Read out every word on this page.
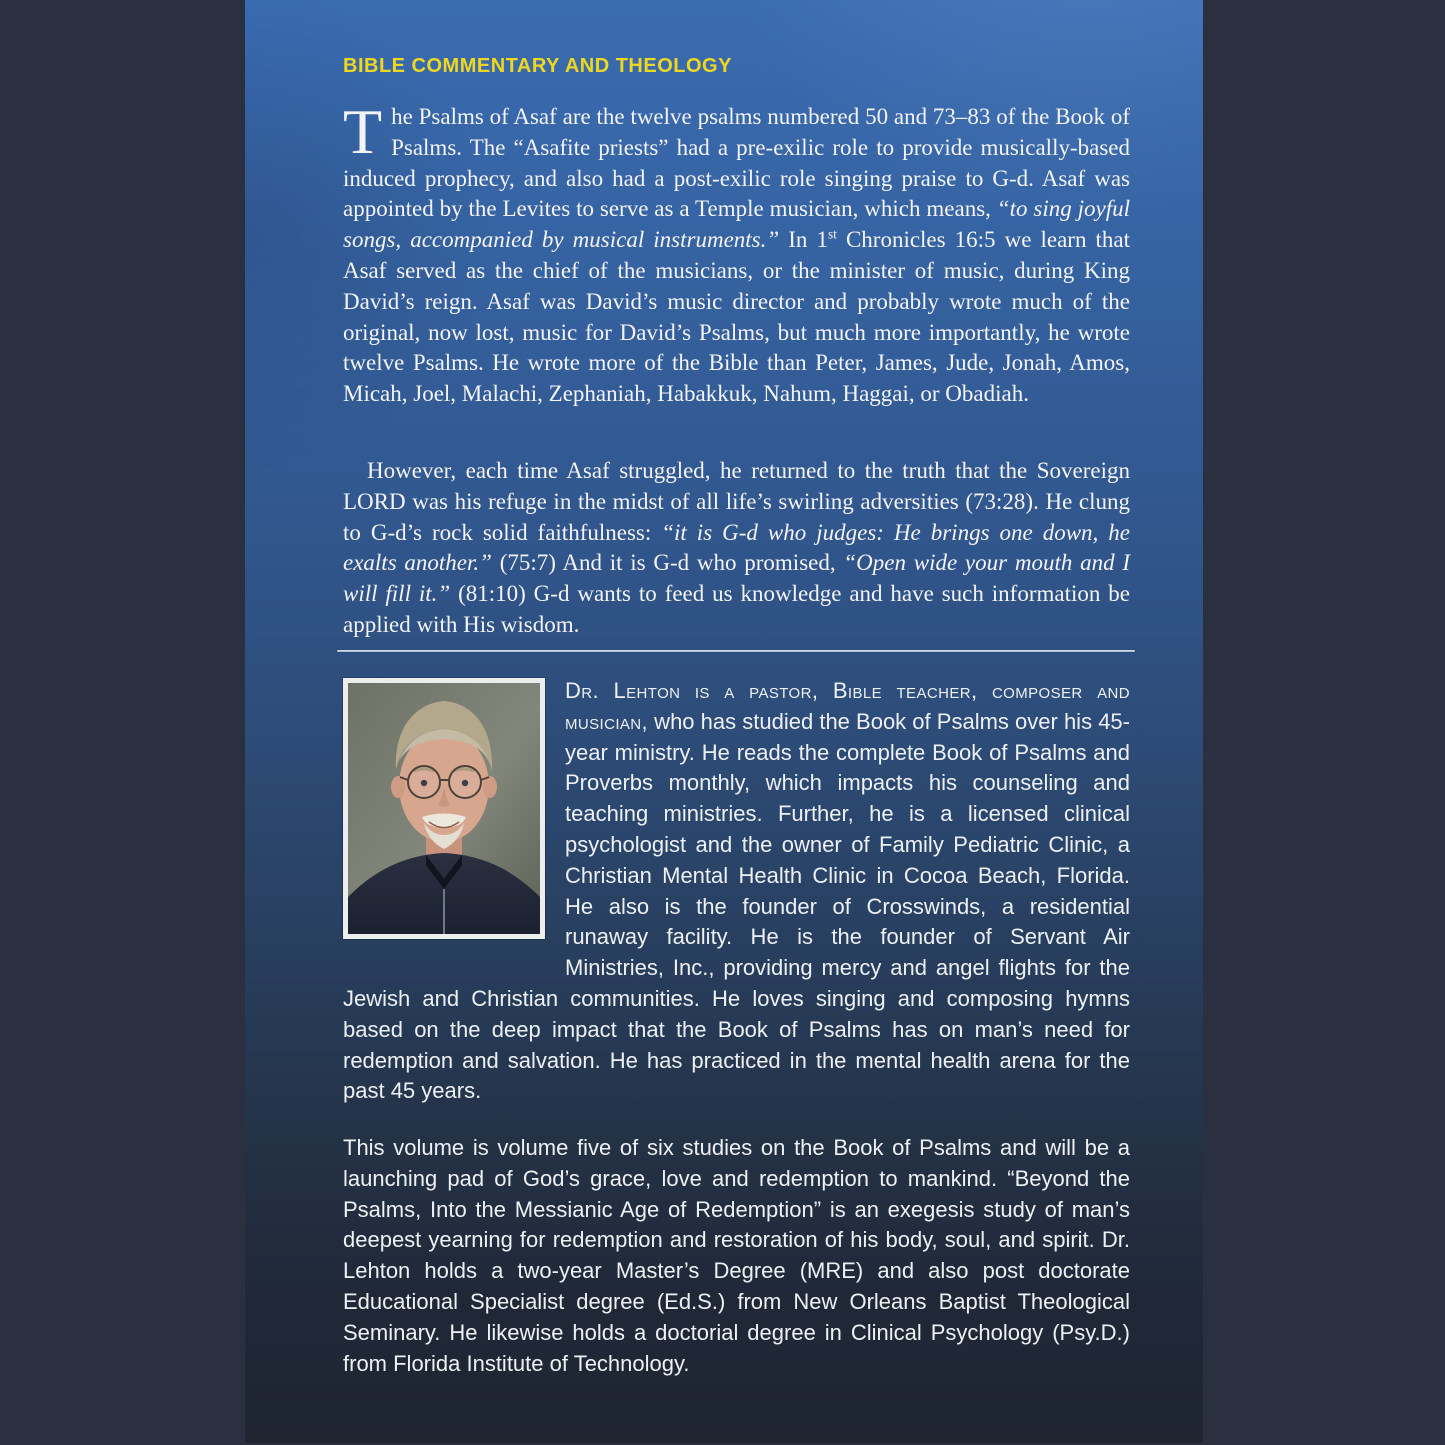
BIBLE COMMENTARY AND THEOLOGY

The Psalms of Asaf are the twelve psalms numbered 50 and 73–83 of the Book of Psalms. The “Asafite priests” had a pre-exilic role to provide musically-based induced prophecy, and also had a post-exilic role singing praise to G-d. Asaf was appointed by the Levites to serve as a Temple musician, which means, “to sing joyful songs, accompanied by musical instruments.” In 1st Chronicles 16:5 we learn that Asaf served as the chief of the musicians, or the minister of music, during King David’s reign. Asaf was David’s music director and probably wrote much of the original, now lost, music for David’s Psalms, but much more importantly, he wrote twelve Psalms. He wrote more of the Bible than Peter, James, Jude, Jonah, Amos, Micah, Joel, Malachi, Zephaniah, Habakkuk, Nahum, Haggai, or Obadiah.

However, each time Asaf struggled, he returned to the truth that the Sovereign LORD was his refuge in the midst of all life’s swirling adversities (73:28). He clung to G-d’s rock solid faithfulness: “it is G-d who judges: He brings one down, he exalts another.” (75:7) And it is G-d who promised, “Open wide your mouth and I will fill it.” (81:10) G-d wants to feed us knowledge and have such information be applied with His wisdom.

Dr. Lehton is a pastor, Bible teacher, composer and musician, who has studied the Book of Psalms over his 45-year ministry. He reads the complete Book of Psalms and Proverbs monthly, which impacts his counseling and teaching ministries. Further, he is a licensed clinical psychologist and the owner of Family Pediatric Clinic, a Christian Mental Health Clinic in Cocoa Beach, Florida. He also is the founder of Crosswinds, a residential runaway facility. He is the founder of Servant Air Ministries, Inc., providing mercy and angel flights for the Jewish and Christian communities. He loves singing and composing hymns based on the deep impact that the Book of Psalms has on man’s need for redemption and salvation. He has practiced in the mental health arena for the past 45 years.

This volume is volume five of six studies on the Book of Psalms and will be a launching pad of God’s grace, love and redemption to mankind. “Beyond the Psalms, Into the Messianic Age of Redemption” is an exegesis study of man’s deepest yearning for redemption and restoration of his body, soul, and spirit. Dr. Lehton holds a two-year Master’s Degree (MRE) and also post doctorate Educational Specialist degree (Ed.S.) from New Orleans Baptist Theological Seminary. He likewise holds a doctorial degree in Clinical Psychology (Psy.D.) from Florida Institute of Technology.
